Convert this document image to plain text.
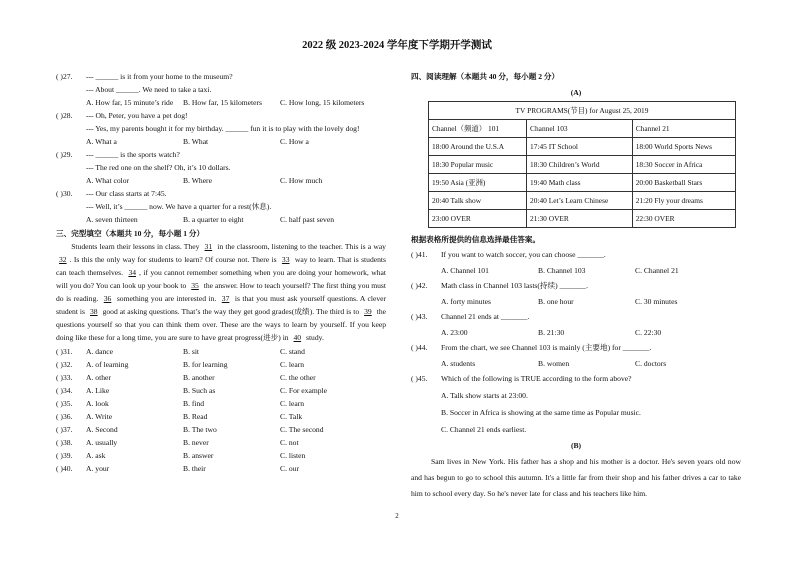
2022 级 2023-2024 学年度下学期开学测试
( )27.	--- ______ is it from your home to the museum?
--- About ______. We need to take a taxi.
A. How far, 15 minute’s ride	B. How far, 15 kilometers	C. How long, 15 kilometers
( )28.	--- Oh, Peter, you have a pet dog!
--- Yes, my parents bought it for my birthday. ______ fun it is to play with the lovely dog!
A. What a	B. What	C. How a
( )29.	--- ______ is the sports watch?
--- The red one on the shelf? Oh, it’s 10 dollars.
A. What color	B. Where	C. How much
( )30.	--- Our class starts at 7:45.
--- Well, it’s ______ now. We have a quarter for a rest(休息).
A. seven thirteen	B. a quarter to eight	C. half past seven
三、完型填空（本题共 10 分，每小题 1 分）
  Students learn their lessons in class. They 31 in the classroom, listening to the teacher. This is a way 32 . Is this the only way for students to learn? Of course not. There is 33 way to learn. That is students can teach themselves. 34 , if you cannot remember something when you are doing your homework, what will you do? You can look up your book to 35 the answer. How to teach yourself? The first thing you must do is reading. 36 something you are interested in. 37 is that you must ask yourself questions. A clever student is 38 good at asking questions. That’s the way they get good grades(成绩). The third is to 39 the questions yourself so that you can think them over. These are the ways to learn by yourself. If you keep doing like these for a long time, you are sure to have great progress(进步) in 40 study.
( )31.	A. dance	B. sit	C. stand
( )32.	A. of learning	B. for learning	C. learn
( )33.	A. other	B. another	C. the other
( )34.	A. Like	B. Such as	C. For example
( )35.	A. look	B. find	C. learn
( )36.	A. Write	B. Read	C. Talk
( )37.	A. Second	B. The two	C. The second
( )38.	A. usually	B. never	C. not
( )39.	A. ask	B. answer	C. listen
( )40.	A. your	B. their	C. our
四、阅读理解（本题共 40 分，每小题 2 分）
(A)
TV PROGRAMS(节目) for August 25, 2019		
Channel（频道） 101	Channel 103	Channel 21
18:00 Around the U.S.A	17:45 IT School	18:00 World Sports News
18:30 Popular music	18:30 Children’s World	18:30 Soccer in Africa
19:50 Asia (亚洲)	19:40 Math class	20:00 Basketball Stars
20:40 Talk show	20:40 Let’s Learn Chinese	21:20 Fly your dreams
23:00 OVER	21:30 OVER	22:30 OVER
根据表格所提供的信息选择最佳答案。
( )41.	If you want to watch soccer, you can choose _______.
A. Channel 101	B. Channel 103	C. Channel 21
( )42.	Math class in Channel 103 lasts(持续) _______.
A. forty minutes	B. one hour	C. 30 minutes
( )43.	Channel 21 ends at _______.
A. 23:00	B. 21:30	C. 22:30
( )44.	From the chart, we see Channel 103 is mainly (主要地) for _______.
A. students	B. women	C. doctors
( )45.	Which of the following is TRUE according to the form above?
A. Talk show starts at 23:00.
B. Soccer in Africa is showing at the same time as Popular music.
C. Channel 21 ends earliest.
(B)
Sam lives in New York. His father has a shop and his mother is a doctor. He's seven years old now and has begun to go to school this autumn. It's a little far from their shop and his father drives a car to take him to school every day. So he's never late for class and his teachers like him.
2
